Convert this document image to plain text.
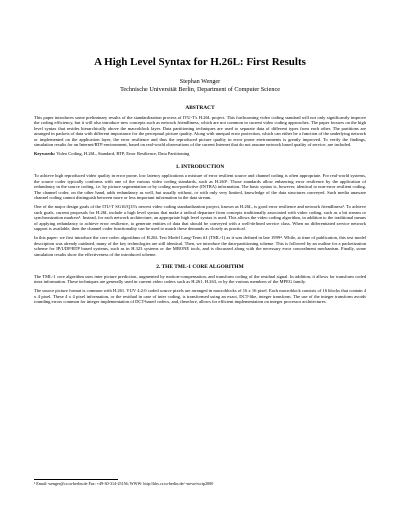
A High Level Syntax for H.26L: First Results
Stephan Wenger
Technische Universität Berlin, Department of Computer Science
ABSTRACT

This paper introduces some preliminary results of the standardization process of ITU-T's H.26L project. This forthcoming video coding standard will not only significantly improve the coding efficiency, but it will also introduce new concepts such as network friendliness, which are not common in current video coding approaches. The paper focuses on the high level syntax that resides hierarchically above the macroblock layer. Data partitioning techniques are used to separate data of different types from each other. The partitions are arranged in packets of data with different importance for the perceptual picture quality. Along with unequal error protection, which can either be a function of the underlying network or implemented on the application layer, the error resilience and thus the reproduced picture quality in error prone environments is greatly improved. To verify the findings, simulation results for an Internet/RTP environment, based on real-world observations of the current Internet that do not assume network based quality of service, are included.

Keywords: Video Coding, H.26L, Standard, RTP, Error Resilience, Data Partitioning

1. INTRODUCTION

To achieve high reproduced video quality in error prone, low latency applications a mixture of error resilient source and channel coding is often appropriate. For real-world systems, the source coder typically conforms with one of the various video coding standards, such as H.263¹. Those standards allow enhancing error resilience by the application of redundancy in the source coding, i.e. by picture segmentation or by coding non-predictive (INTRA) information. The basic syntax is, however, identical to non-error resilient coding. The channel coder, on the other hand, adds redundancy as well, but usually without, or with only very limited, knowledge of the data structures conveyed. Such media unaware channel coding cannot distinguish between more or less important information in the data stream.

One of the major design goals of the ITU-T SG16/Q15's newest video coding standardization project, known as H.26L, is good error resilience and network friendliness². To achieve such goals, current proposals for H.26L include a high level syntax that make a radical departure from concepts traditionally associated with video coding, such as a bit stream or synchronization markers³. Instead, for each network architecture, an appropriate high level syntax is used. This allows the video coding algorithm, in addition to the traditional means of applying redundancy to achieve error resilience, to generate entities of data that should be conveyed with a well-defined service class. When no differentiated service network support is available, then the channel coder functionality can be used to match these demands as closely as practical.

In this paper: we first introduce the core codec algorithms of H.26L Test Model Long-Term #1 (TML-1) as it was defined in late 1999⁴. While, at time of publication, this test model description was already outdated, many of the key technologies are still identical. Then, we introduce the data-partitioning scheme. This is followed by an outline for a packetization scheme for IP/UDP/RTP based systems, such as in H.323 systems or the MBONE tools, and is discussed along with the necessary error concealment mechanism. Finally, some simulation results show the effectiveness of the introduced scheme.

2. THE TML-1 CORE ALGORITHM

The TML-1 core algorithm uses inter picture prediction, augmented by motion-compensation, and transform coding of the residual signal. In addition, it allows for transform coded intra information. These techniques are generally used in current video coders such as H.261, H.263, or by the various members of the MPEG family.

The source picture format is common with H.261. YUV 4:2:0 coded source pixels are arranged in macroblocks of 16 x 16 pixel. Each macroblock consists of 16 blocks that contain 4 x 4 pixel. These 4 x 4 pixel information, or the residual in case of inter coding, is transformed using an exact, DCT-like, integer transform. The use of the integer transform avoids rounding errors common for integer implementation of DCT-based codecs, and, therefore, allows for efficient implementation on integer processor architectures.

¹ Email: wenger@cs.tu-berlin.de Fax: +49-30-314-25156; WWW: http://kbs.cs.tu-berlin.de/~stewe/wcip2000
